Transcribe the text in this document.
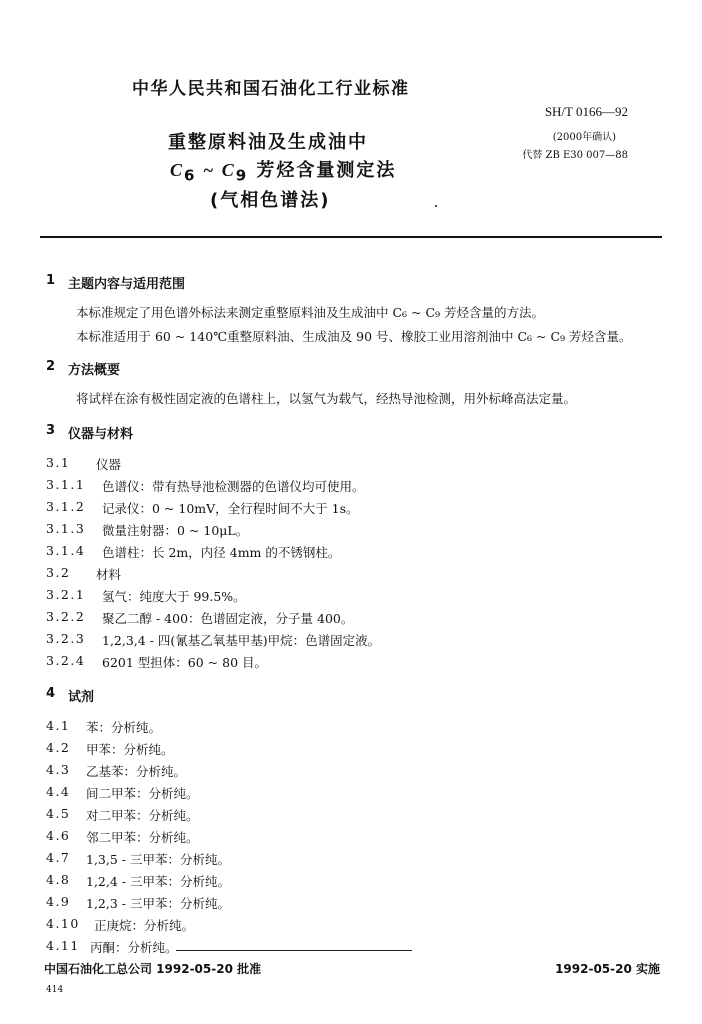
中华人民共和国石油化工行业标准
SH/T 0166—92
(2000年确认)
代替 ZB E30 007—88
重整原料油及生成油中
$C_6$ ~ $C_9$ 芳烃含量测定法
(气相色谱法)
1 主题内容与适用范围
本标准规定了用色谱外标法来测定重整原料油及生成油中 C₆ ~ C₉ 芳烃含量的方法。
本标准适用于 60 ~ 140℃重整原料油、生成油及 90 号、橡胶工业用溶剂油中 C₆ ~ C₉ 芳烃含量。
2 方法概要
将试样在涂有极性固定液的色谱柱上，以氢气为载气，经热导池检测，用外标峰高法定量。
3 仪器与材料
3.1 仪器
3.1.1 色谱仪：带有热导池检测器的色谱仪均可使用。
3.1.2 记录仪：0 ~ 10mV，全行程时间不大于 1s。
3.1.3 微量注射器：0 ~ 10μL。
3.1.4 色谱柱：长 2m，内径 4mm 的不锈钢柱。
3.2 材料
3.2.1 氢气：纯度大于 99.5%。
3.2.2 聚乙二醇 - 400：色谱固定液，分子量 400。
3.2.3 1,2,3,4 - 四(氰基乙氧基甲基)甲烷：色谱固定液。
3.2.4 6201 型担体：60 ~ 80 目。
4 试剂
4.1 苯：分析纯。
4.2 甲苯：分析纯。
4.3 乙基苯：分析纯。
4.4 间二甲苯：分析纯。
4.5 对二甲苯：分析纯。
4.6 邻二甲苯：分析纯。
4.7 1,3,5 - 三甲苯：分析纯。
4.8 1,2,4 - 三甲苯：分析纯。
4.9 1,2,3 - 三甲苯：分析纯。
4.10 正庚烷：分析纯。
4.11 丙酮：分析纯。
中国石油化工总公司 1992-05-20 批准	1992-05-20 实施
414
